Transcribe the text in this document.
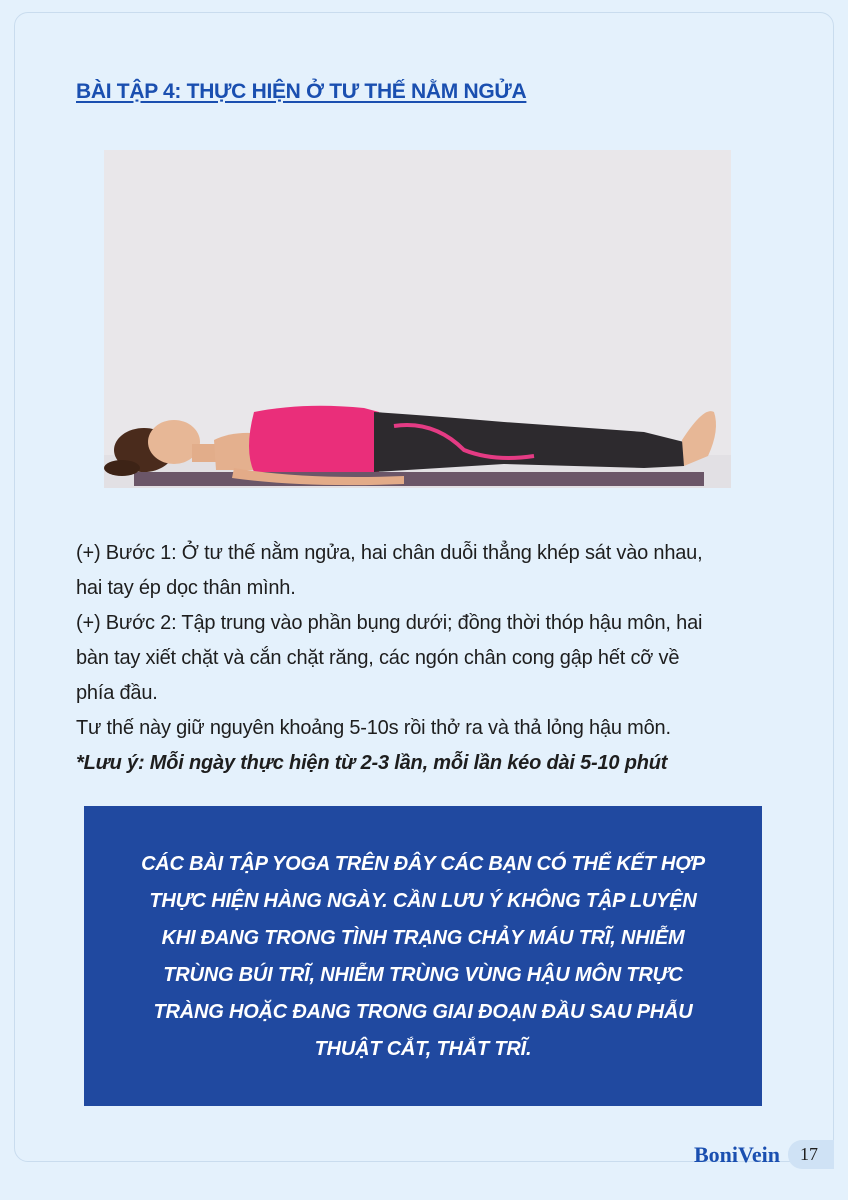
BÀI TẬP 4: THỰC HIỆN Ở TƯ THẾ NẰM NGỬA

(+) Bước 1: Ở tư thế nằm ngửa, hai chân duỗi thẳng khép sát vào nhau,

hai tay ép dọc thân mình.

(+) Bước 2: Tập trung vào phần bụng dưới; đồng thời thóp hậu môn, hai

bàn tay xiết chặt và cắn chặt răng, các ngón chân cong gập hết cỡ về

phía đầu.

Tư thế này giữ nguyên khoảng 5-10s rồi thở ra và thả lỏng hậu môn.

*Lưu ý: Mỗi ngày thực hiện từ 2-3 lần, mỗi lần kéo dài 5-10 phút

CÁC BÀI TẬP YOGA TRÊN ĐÂY CÁC BẠN CÓ THỂ KẾT HỢP
THỰC HIỆN HÀNG NGÀY. CẦN LƯU Ý KHÔNG TẬP LUYỆN
KHI ĐANG TRONG TÌNH TRẠNG CHẢY MÁU TRĨ, NHIỄM
TRÙNG BÚI TRĨ, NHIỄM TRÙNG VÙNG HẬU MÔN TRỰC
TRÀNG HOẶC ĐANG TRONG GIAI ĐOẠN ĐẦU SAU PHẪU
THUẬT CẮT, THẮT TRĨ.
BoniVein	17
